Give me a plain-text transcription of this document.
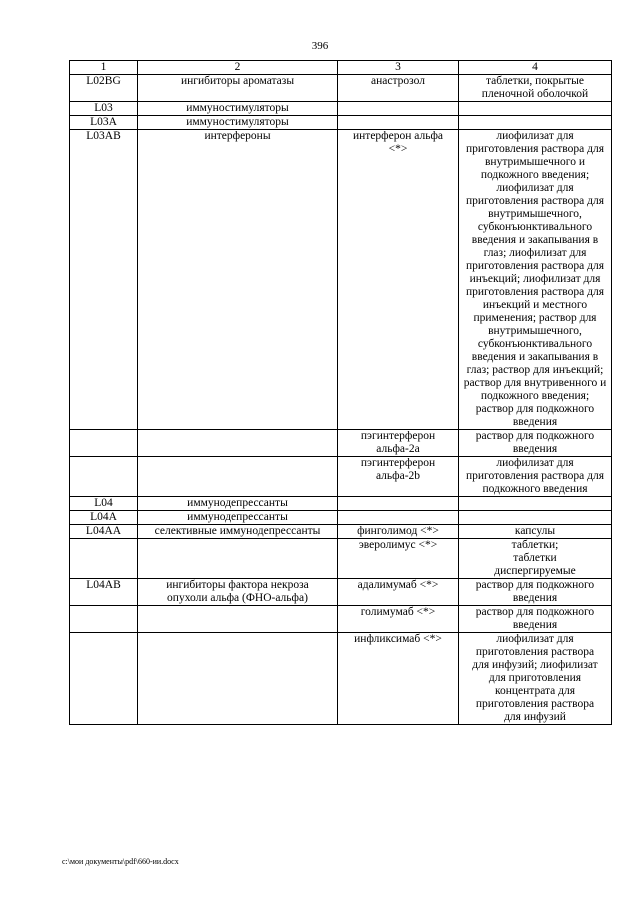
396
1	2	3	4
L02BG	ингибиторы ароматазы	анастрозол	таблетки, покрытые пленочной оболочкой
L03	иммуностимуляторы		
L03A	иммуностимуляторы		
L03AB	интерфероны	интерферон альфа <*>	лиофилизат для приготовления раствора для внутримышечного и подкожного введения; лиофилизат для приготовления раствора для внутримышечного, субконъюнктивального введения и закапывания в глаз; лиофилизат для приготовления раствора для инъекций; лиофилизат для приготовления раствора для инъекций и местного применения; раствор для внутримышечного, субконъюнктивального введения и закапывания в глаз; раствор для инъекций; раствор для внутривенного и подкожного введения; раствор для подкожного введения
		пэгинтерферон альфа-2a	раствор для подкожного введения
		пэгинтерферон альфа-2b	лиофилизат для приготовления раствора для подкожного введения
L04	иммунодепрессанты		
L04A	иммунодепрессанты		
L04AA	селективные иммунодепрессанты	финголимод <*>	капсулы
		эверолимус <*>	таблетки; таблетки диспергируемые
L04AB	ингибиторы фактора некроза опухоли альфа (ФНО-альфа)	адалимумаб <*>	раствор для подкожного введения
		голимумаб <*>	раствор для подкожного введения
		инфликсимаб <*>	лиофилизат для приготовления раствора для инфузий; лиофилизат для приготовления концентрата для приготовления раствора для инфузий
c:\мои документы\pdf\660-ии.docx
